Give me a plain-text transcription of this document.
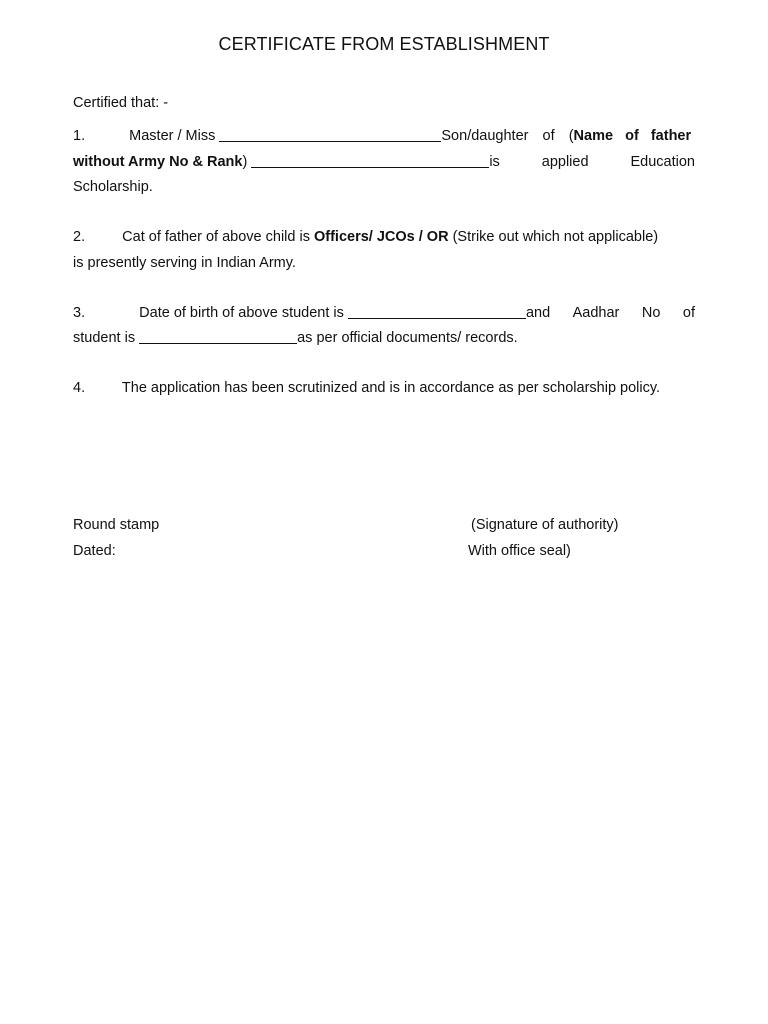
CERTIFICATE FROM ESTABLISHMENT
Certified that: -
1.	Master / Miss	Son/daughter of (Name of father
without Army No & Rank)	is	applied	Education
Scholarship.
2.	Cat of father of above child is Officers/ JCOs / OR (Strike out which not applicable)
is presently serving in Indian Army.
3.	Date of birth of above student is	and Aadhar No of
student is	as per official documents/ records.
4.	The application has been scrutinized and is in accordance as per scholarship policy.
Round stamp
Dated:
(Signature of authority)
With office seal)
